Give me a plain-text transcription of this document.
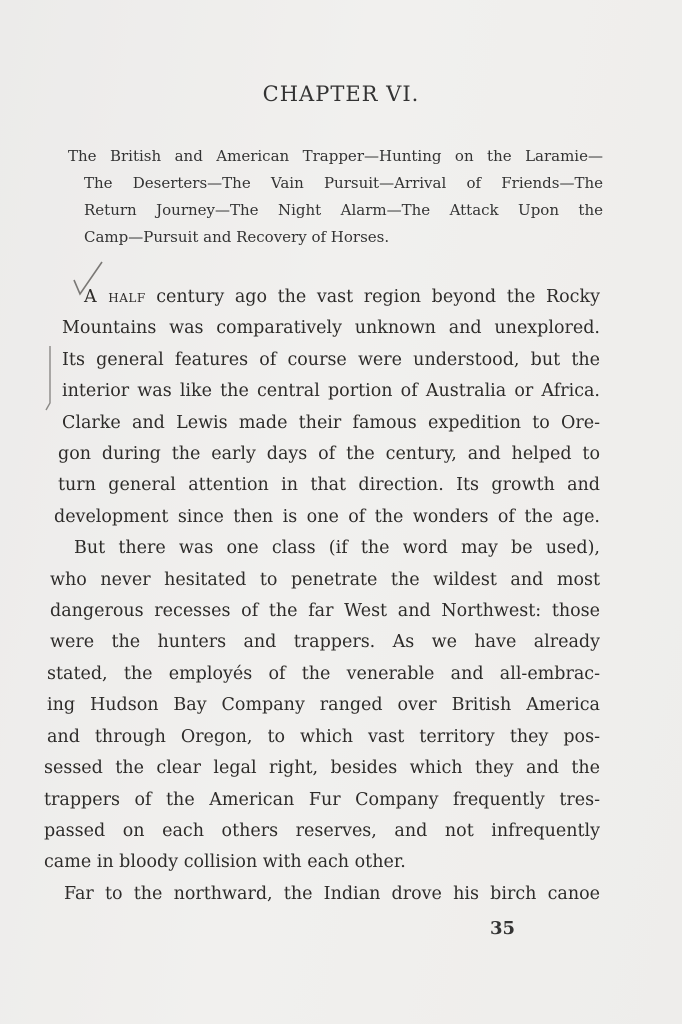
CHAPTER VI.
The British and American Trapper—Hunting on the Laramie—
The Deserters—The Vain Pursuit—Arrival of Friends—The
Return Journey—The Night Alarm—The Attack Upon the
Camp—Pursuit and Recovery of Horses.
A half century ago the vast region beyond the Rocky
Mountains was comparatively unknown and unexplored.
Its general features of course were understood, but the
interior was like the central portion of Australia or Africa.
Clarke and Lewis made their famous expedition to Ore-
gon during the early days of the century, and helped to
turn general attention in that direction. Its growth and
development since then is one of the wonders of the age.
But there was one class (if the word may be used),
who never hesitated to penetrate the wildest and most
dangerous recesses of the far West and Northwest: those
were the hunters and trappers. As we have already
stated, the employés of the venerable and all-embrac-
ing Hudson Bay Company ranged over British America
and through Oregon, to which vast territory they pos-
sessed the clear legal right, besides which they and the
trappers of the American Fur Company frequently tres-
passed on each others reserves, and not infrequently
came in bloody collision with each other.
Far to the northward, the Indian drove his birch canoe
35
